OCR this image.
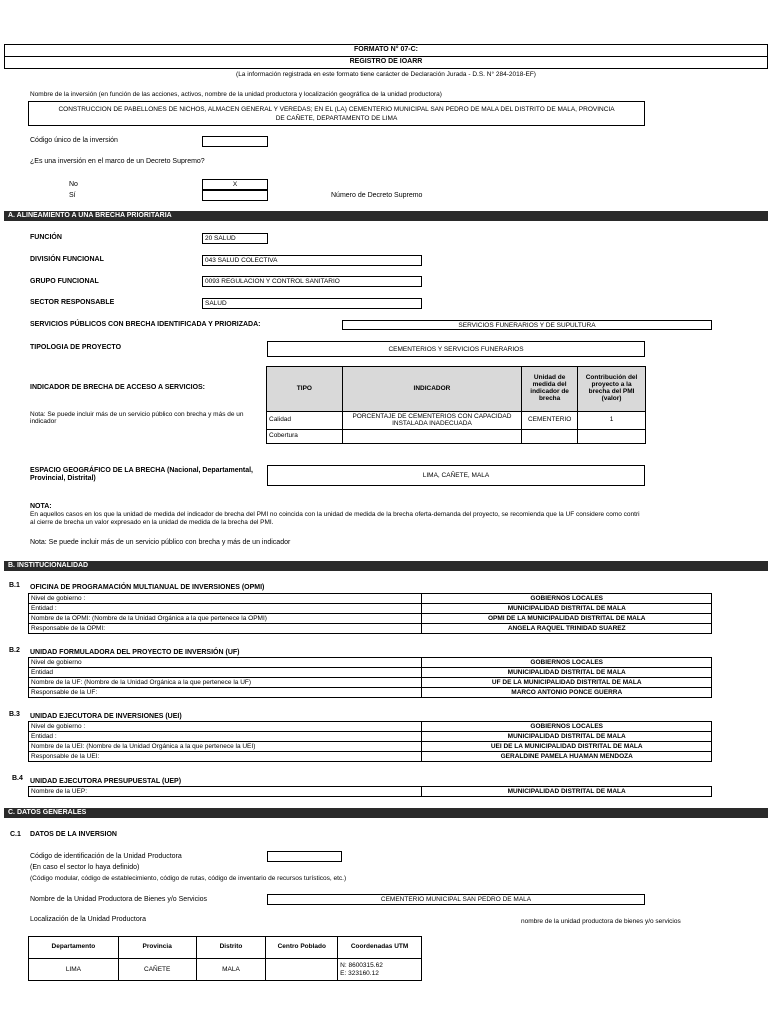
FORMATO N° 07-C:
REGISTRO DE IOARR
(La información registrada en este formato tiene carácter de Declaración Jurada - D.S. N° 284-2018-EF)
Nombre de la inversión (en función de las acciones, activos, nombre de la unidad productora y localización geográfica de la unidad productora)
CONSTRUCCION DE PABELLONES DE NICHOS, ALMACEN GENERAL Y VEREDAS; EN EL (LA) CEMENTERIO MUNICIPAL SAN PEDRO DE MALA DEL DISTRITO DE MALA, PROVINCIA
DE CAÑETE, DEPARTAMENTO DE LIMA
Código único de la inversión
¿Es una inversión en el marco de un Decreto Supremo?
No	X
Sí	Número de Decreto Supremo
A. ALINEAMIENTO A UNA BRECHA PRIORITARIA
FUNCIÓN	20 SALUD
DIVISIÓN FUNCIONAL	043 SALUD COLECTIVA
GRUPO FUNCIONAL	0093 REGULACION Y CONTROL SANITARIO
SECTOR RESPONSABLE	SALUD
SERVICIOS PÚBLICOS CON BRECHA IDENTIFICADA Y PRIORIZADA:	SERVICIOS FUNERARIOS Y DE SUPULTURA
TIPOLOGIA DE PROYECTO	CEMENTERIOS Y SERVICIOS FUNERARIOS
INDICADOR DE BRECHA DE ACCESO A SERVICIOS:
Nota: Se puede incluir más de un servicio público con brecha y más de un indicador
TIPO	INDICADOR	Unidad de medida del indicador de brecha	Contribución del proyecto a la brecha del PMI (valor)
Calidad	PORCENTAJE DE CEMENTERIOS CON CAPACIDAD INSTALADA INADECUADA	CEMENTERIO	1
Cobertura			
ESPACIO GEOGRÁFICO DE LA BRECHA (Nacional, Departamental,
Provincial, Distrital)	LIMA, CAÑETE, MALA
NOTA:
En aquellos casos en los que la unidad de medida del indicador de brecha del PMI no coincida con la unidad de medida de la brecha oferta-demanda del proyecto, se recomienda que la UF considere como contri
al cierre de brecha un valor expresado en la unidad de medida de la brecha del PMI.
Nota: Se puede incluir más de un servicio público con brecha y más de un indicador
B. INSTITUCIONALIDAD
B.1 OFICINA DE PROGRAMACIÓN MULTIANUAL DE INVERSIONES (OPMI)
Nivel de gobierno :	GOBIERNOS LOCALES
Entidad :	MUNICIPALIDAD DISTRITAL DE MALA
Nombre de la OPMI: (Nombre de la Unidad Orgánica a la que pertenece la OPMI)	OPMI DE LA MUNICIPALIDAD DISTRITAL DE MALA
Responsable de la OPMI:	ANGELA RAQUEL TRINIDAD SUAREZ
B.2 UNIDAD FORMULADORA DEL PROYECTO DE INVERSIÓN (UF)
Nivel de gobierno	GOBIERNOS LOCALES
Entidad	MUNICIPALIDAD DISTRITAL DE MALA
Nombre de la UF: (Nombre de la Unidad Orgánica a la que pertenece la UF)	UF DE LA MUNICIPALIDAD DISTRITAL DE MALA
Responsable de la UF:	MARCO ANTONIO PONCE GUERRA
B.3 UNIDAD EJECUTORA DE INVERSIONES (UEI)
Nivel de gobierno :	GOBIERNOS LOCALES
Entidad :	MUNICIPALIDAD DISTRITAL DE MALA
Nombre de la UEI: (Nombre de la Unidad Orgánica a la que pertenece la UEI)	UEI DE LA MUNICIPALIDAD DISTRITAL DE MALA
Responsable de la UEI:	GERALDINE PAMELA HUAMAN MENDOZA
B.4 UNIDAD EJECUTORA PRESUPUESTAL (UEP)
Nombre de la UEP:	MUNICIPALIDAD DISTRITAL DE MALA
C. DATOS GENERALES
C.1 DATOS DE LA INVERSION
Código de identificación de la Unidad Productora
(En caso el sector lo haya definido)
(Código modular, código de establecimiento, código de rutas, código de inventario de recursos turísticos, etc.)
Nombre de la Unidad Productora de Bienes y/o Servicios	CEMENTERIO MUNICIPAL SAN PEDRO DE MALA
Localización de la Unidad Productora	nombre de la unidad productora de bienes y/o servicios
Departamento	Provincia	Distrito	Centro Poblado	Coordenadas UTM
LIMA	CAÑETE	MALA		N: 8600315.62
E: 323160.12
